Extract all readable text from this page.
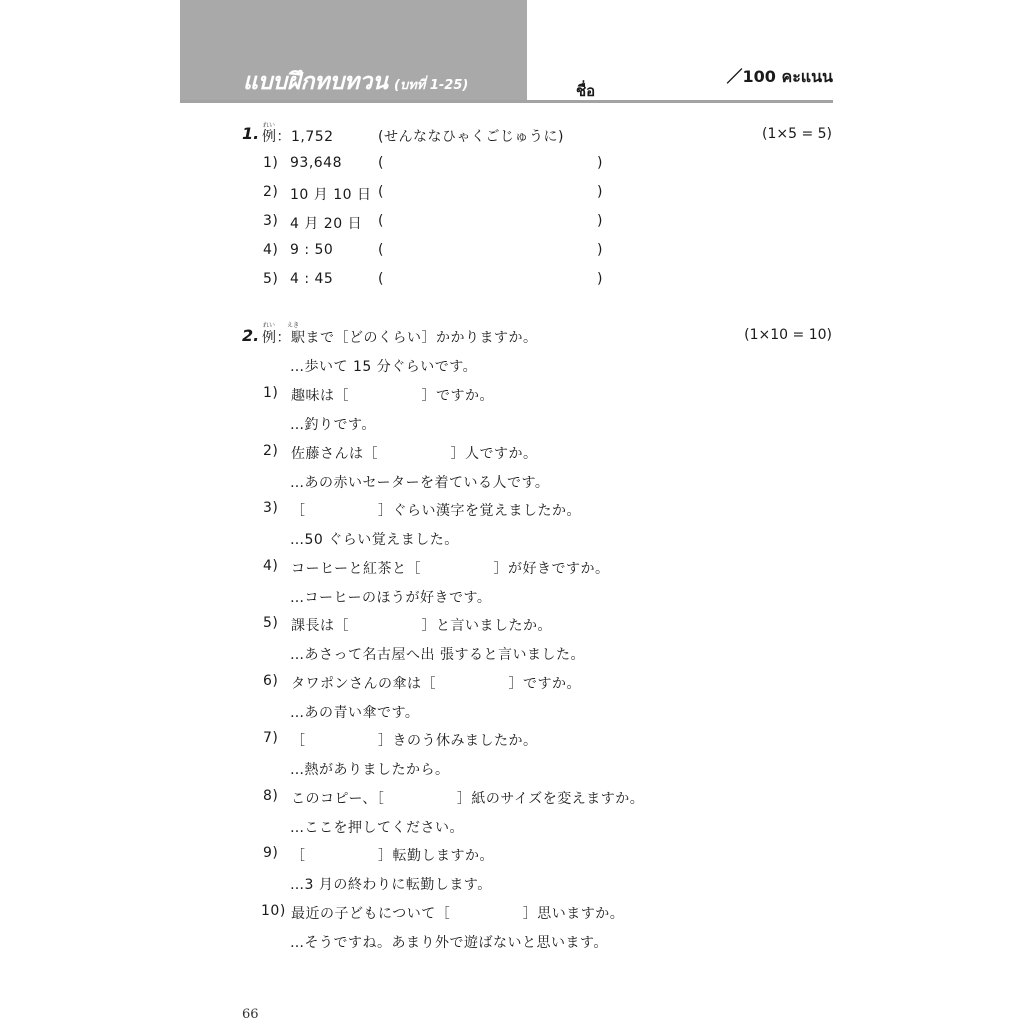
แบบฝึกทบทวน (บทที่ 1-25)	ชื่อ
／100 คะแนน
1. れい
例：1,752	(せんななひゃくごじゅうに)	(1×5 = 5)
1) 93,648	(	)
2) 10 月 10 日 (	)
3) 4 月 20 日 (	)
4) 9 : 50	(	)
5) 4 : 45	(	)
2.
れい　　えき
例：駅まで［どのくらい］かかりますか。	(1×10 = 10)
…歩いて 15 分ぐらいです。
1) 趣味は［　　　　　］ですか。
…釣りです。
2) 佐藤さんは［　　　　　］人ですか。
…あの赤いセーターを着ている人です。
3) ［　　　　　］ぐらい漢字を覚えましたか。
…50 ぐらい覚えました。
4) コーヒーと紅茶と［　　　　　］が好きですか。
…コーヒーのほうが好きです。
5) 課長は［　　　　　］と言いましたか。
…あさって名古屋へ出 張すると言いました。
6) タワポンさんの傘は［　　　　　］ですか。
…あの青い傘です。
7) ［　　　　　］きのう休みましたか。
…熱がありましたから。
8) このコピー、［　　　　　］紙のサイズを変えますか。
…ここを押してください。
9) ［　　　　　］転勤しますか。
…3 月の終わりに転勤します。
10) 最近の子どもについて［　　　　　］思いますか。
…そうですね。あまり外で遊ばないと思います。
66
